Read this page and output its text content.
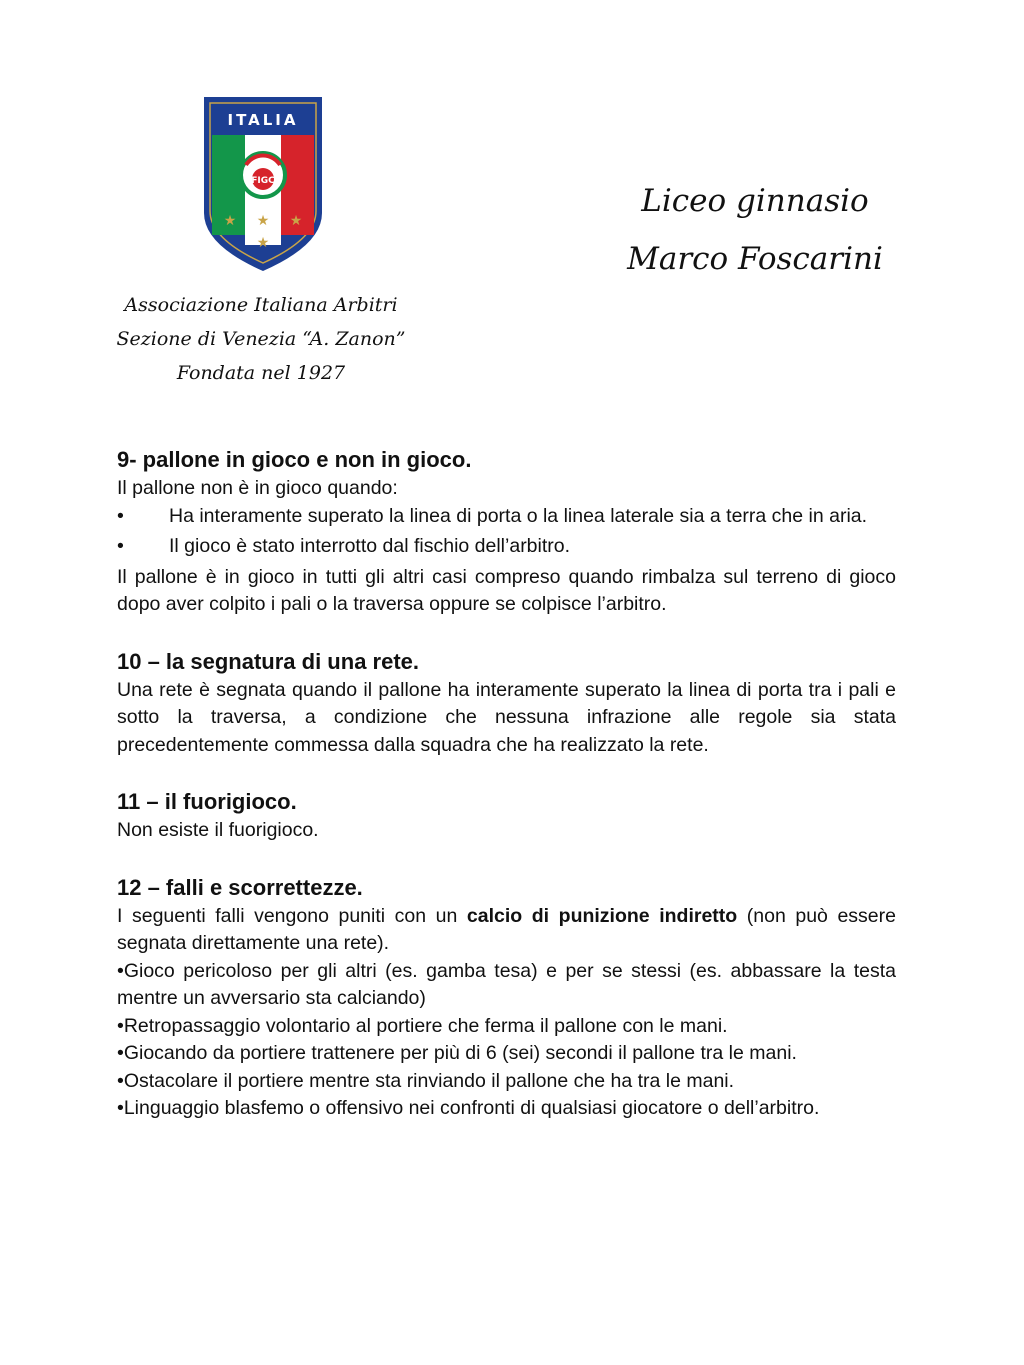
ITALIA
FIGC
★ ★ ★
★
Associazione Italiana Arbitri
Sezione di Venezia “A. Zanon”
Fondata nel 1927
Liceo ginnasio
Marco Foscarini
9- pallone in gioco e non in gioco.

Il pallone non è in gioco quando:

• Ha interamente superato la linea di porta o la linea laterale sia a terra che in aria.
• Il gioco è stato interrotto dal fischio dell’arbitro.

Il pallone è in gioco in tutti gli altri casi compreso quando rimbalza sul terreno di gioco dopo aver colpito i pali o la traversa oppure se colpisce l’arbitro.

10 – la segnatura di una rete.

Una rete è segnata quando il pallone ha interamente superato la linea di porta tra i pali e sotto la traversa, a condizione che nessuna infrazione alle regole sia stata precedentemente commessa dalla squadra che ha realizzato la rete.

11 – il fuorigioco.

Non esiste il fuorigioco.

12 – falli e scorrettezze.

I seguenti falli vengono puniti con un calcio di punizione indiretto (non può essere segnata direttamente una rete).

•Gioco pericoloso per gli altri (es. gamba tesa) e per se stessi (es. abbassare la testa mentre un avversario sta calciando)

•Retropassaggio volontario al portiere che ferma il pallone con le mani.

•Giocando da portiere trattenere per più di 6 (sei) secondi il pallone tra le mani.

•Ostacolare il portiere mentre sta rinviando il pallone che ha tra le mani.

•Linguaggio blasfemo o offensivo nei confronti di qualsiasi giocatore o dell’arbitro.
